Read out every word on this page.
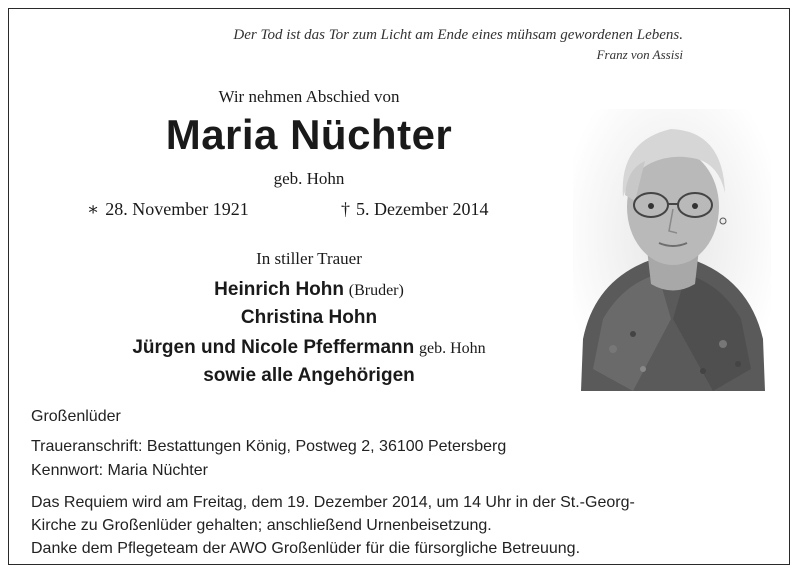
Der Tod ist das Tor zum Licht am Ende eines mühsam gewordenen Lebens.
Franz von Assisi
Wir nehmen Abschied von
Maria Nüchter
geb. Hohn
∗ 28. November 1921	† 5. Dezember 2014
In stiller Trauer
Heinrich Hohn (Bruder)
Christina Hohn
Jürgen und Nicole Pfeffermann geb. Hohn
sowie alle Angehörigen
Großenlüder
Traueranschrift: Bestattungen König, Postweg 2, 36100 Petersberg
Kennwort: Maria Nüchter
Das Requiem wird am Freitag, dem 19. Dezember 2014, um 14 Uhr in der St.-Georg-
Kirche zu Großenlüder gehalten; anschließend Urnenbeisetzung.
Danke dem Pflegeteam der AWO Großenlüder für die fürsorgliche Betreuung.
